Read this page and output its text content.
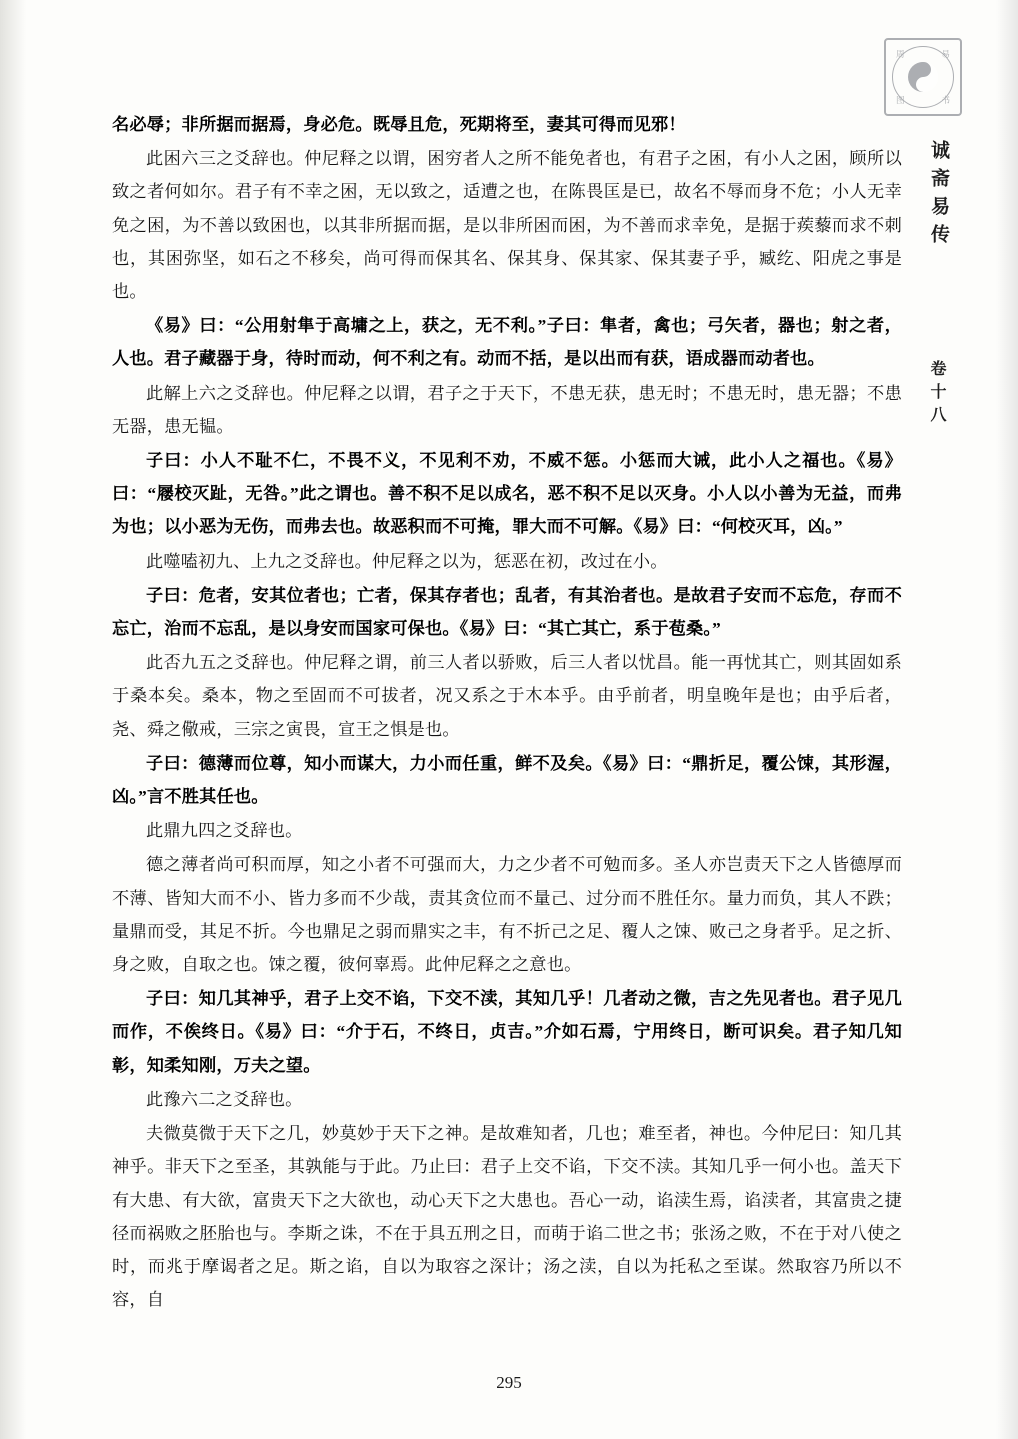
周	易
图	书
诚斋易传
卷十八

名必辱；非所据而据焉，身必危。既辱且危，死期将至，妻其可得而见邪！

此困六三之爻辞也。仲尼释之以谓，困穷者人之所不能免者也，有君子之困，有小人之困，顾所以致之者何如尔。君子有不幸之困，无以致之，适遭之也，在陈畏匡是已，故名不辱而身不危；小人无幸免之困，为不善以致困也，以其非所据而据，是以非所困而困，为不善而求幸免，是据于蒺藜而求不刺也，其困弥坚，如石之不移矣，尚可得而保其名、保其身、保其家、保其妻子乎，臧纥、阳虎之事是也。

《易》曰：“公用射隼于高墉之上，获之，无不利。”子曰：隼者，禽也；弓矢者，器也；射之者，人也。君子藏器于身，待时而动，何不利之有。动而不括，是以出而有获，语成器而动者也。

此解上六之爻辞也。仲尼释之以谓，君子之于天下，不患无获，患无时；不患无时，患无器；不患无器，患无韫。

子曰：小人不耻不仁，不畏不义，不见利不劝，不威不惩。小惩而大诫，此小人之福也。《易》曰：“屦校灭趾，无咎。”此之谓也。善不积不足以成名，恶不积不足以灭身。小人以小善为无益，而弗为也；以小恶为无伤，而弗去也。故恶积而不可掩，罪大而不可解。《易》曰：“何校灭耳，凶。”

此噬嗑初九、上九之爻辞也。仲尼释之以为，惩恶在初，改过在小。

子曰：危者，安其位者也；亡者，保其存者也；乱者，有其治者也。是故君子安而不忘危，存而不忘亡，治而不忘乱，是以身安而国家可保也。《易》曰：“其亡其亡，系于苞桑。”

此否九五之爻辞也。仲尼释之谓，前三人者以骄败，后三人者以忧昌。能一再忧其亡，则其固如系于桑本矣。桑本，物之至固而不可拔者，况又系之于木本乎。由乎前者，明皇晚年是也；由乎后者，尧、舜之儆戒，三宗之寅畏，宣王之惧是也。

子曰：德薄而位尊，知小而谋大，力小而任重，鲜不及矣。《易》曰：“鼎折足，覆公𫗧，其形渥，凶。”言不胜其任也。

此鼎九四之爻辞也。

德之薄者尚可积而厚，知之小者不可强而大，力之少者不可勉而多。圣人亦岂责天下之人皆德厚而不薄、皆知大而不小、皆力多而不少哉，责其贪位而不量己、过分而不胜任尔。量力而负，其人不跌；量鼎而受，其足不折。今也鼎足之弱而鼎实之丰，有不折己之足、覆人之𫗧、败己之身者乎。足之折、身之败，自取之也。𫗧之覆，彼何辜焉。此仲尼释之之意也。

子曰：知几其神乎，君子上交不谄，下交不渎，其知几乎！几者动之微，吉之先见者也。君子见几而作，不俟终日。《易》曰：“介于石，不终日，贞吉。”介如石焉，宁用终日，断可识矣。君子知几知彰，知柔知刚，万夫之望。

此豫六二之爻辞也。

夫微莫微于天下之几，妙莫妙于天下之神。是故难知者，几也；难至者，神也。今仲尼曰：知几其神乎。非天下之至圣，其孰能与于此。乃止曰：君子上交不谄，下交不渎。其知几乎一何小也。盖天下有大患、有大欲，富贵天下之大欲也，动心天下之大患也。吾心一动，谄渎生焉，谄渎者，其富贵之捷径而祸败之胚胎也与。李斯之诛，不在于具五刑之日，而萌于谄二世之书；张汤之败，不在于对八使之时，而兆于摩谒者之足。斯之谄，自以为取容之深计；汤之渎，自以为托私之至谋。然取容乃所以不容，自

295
